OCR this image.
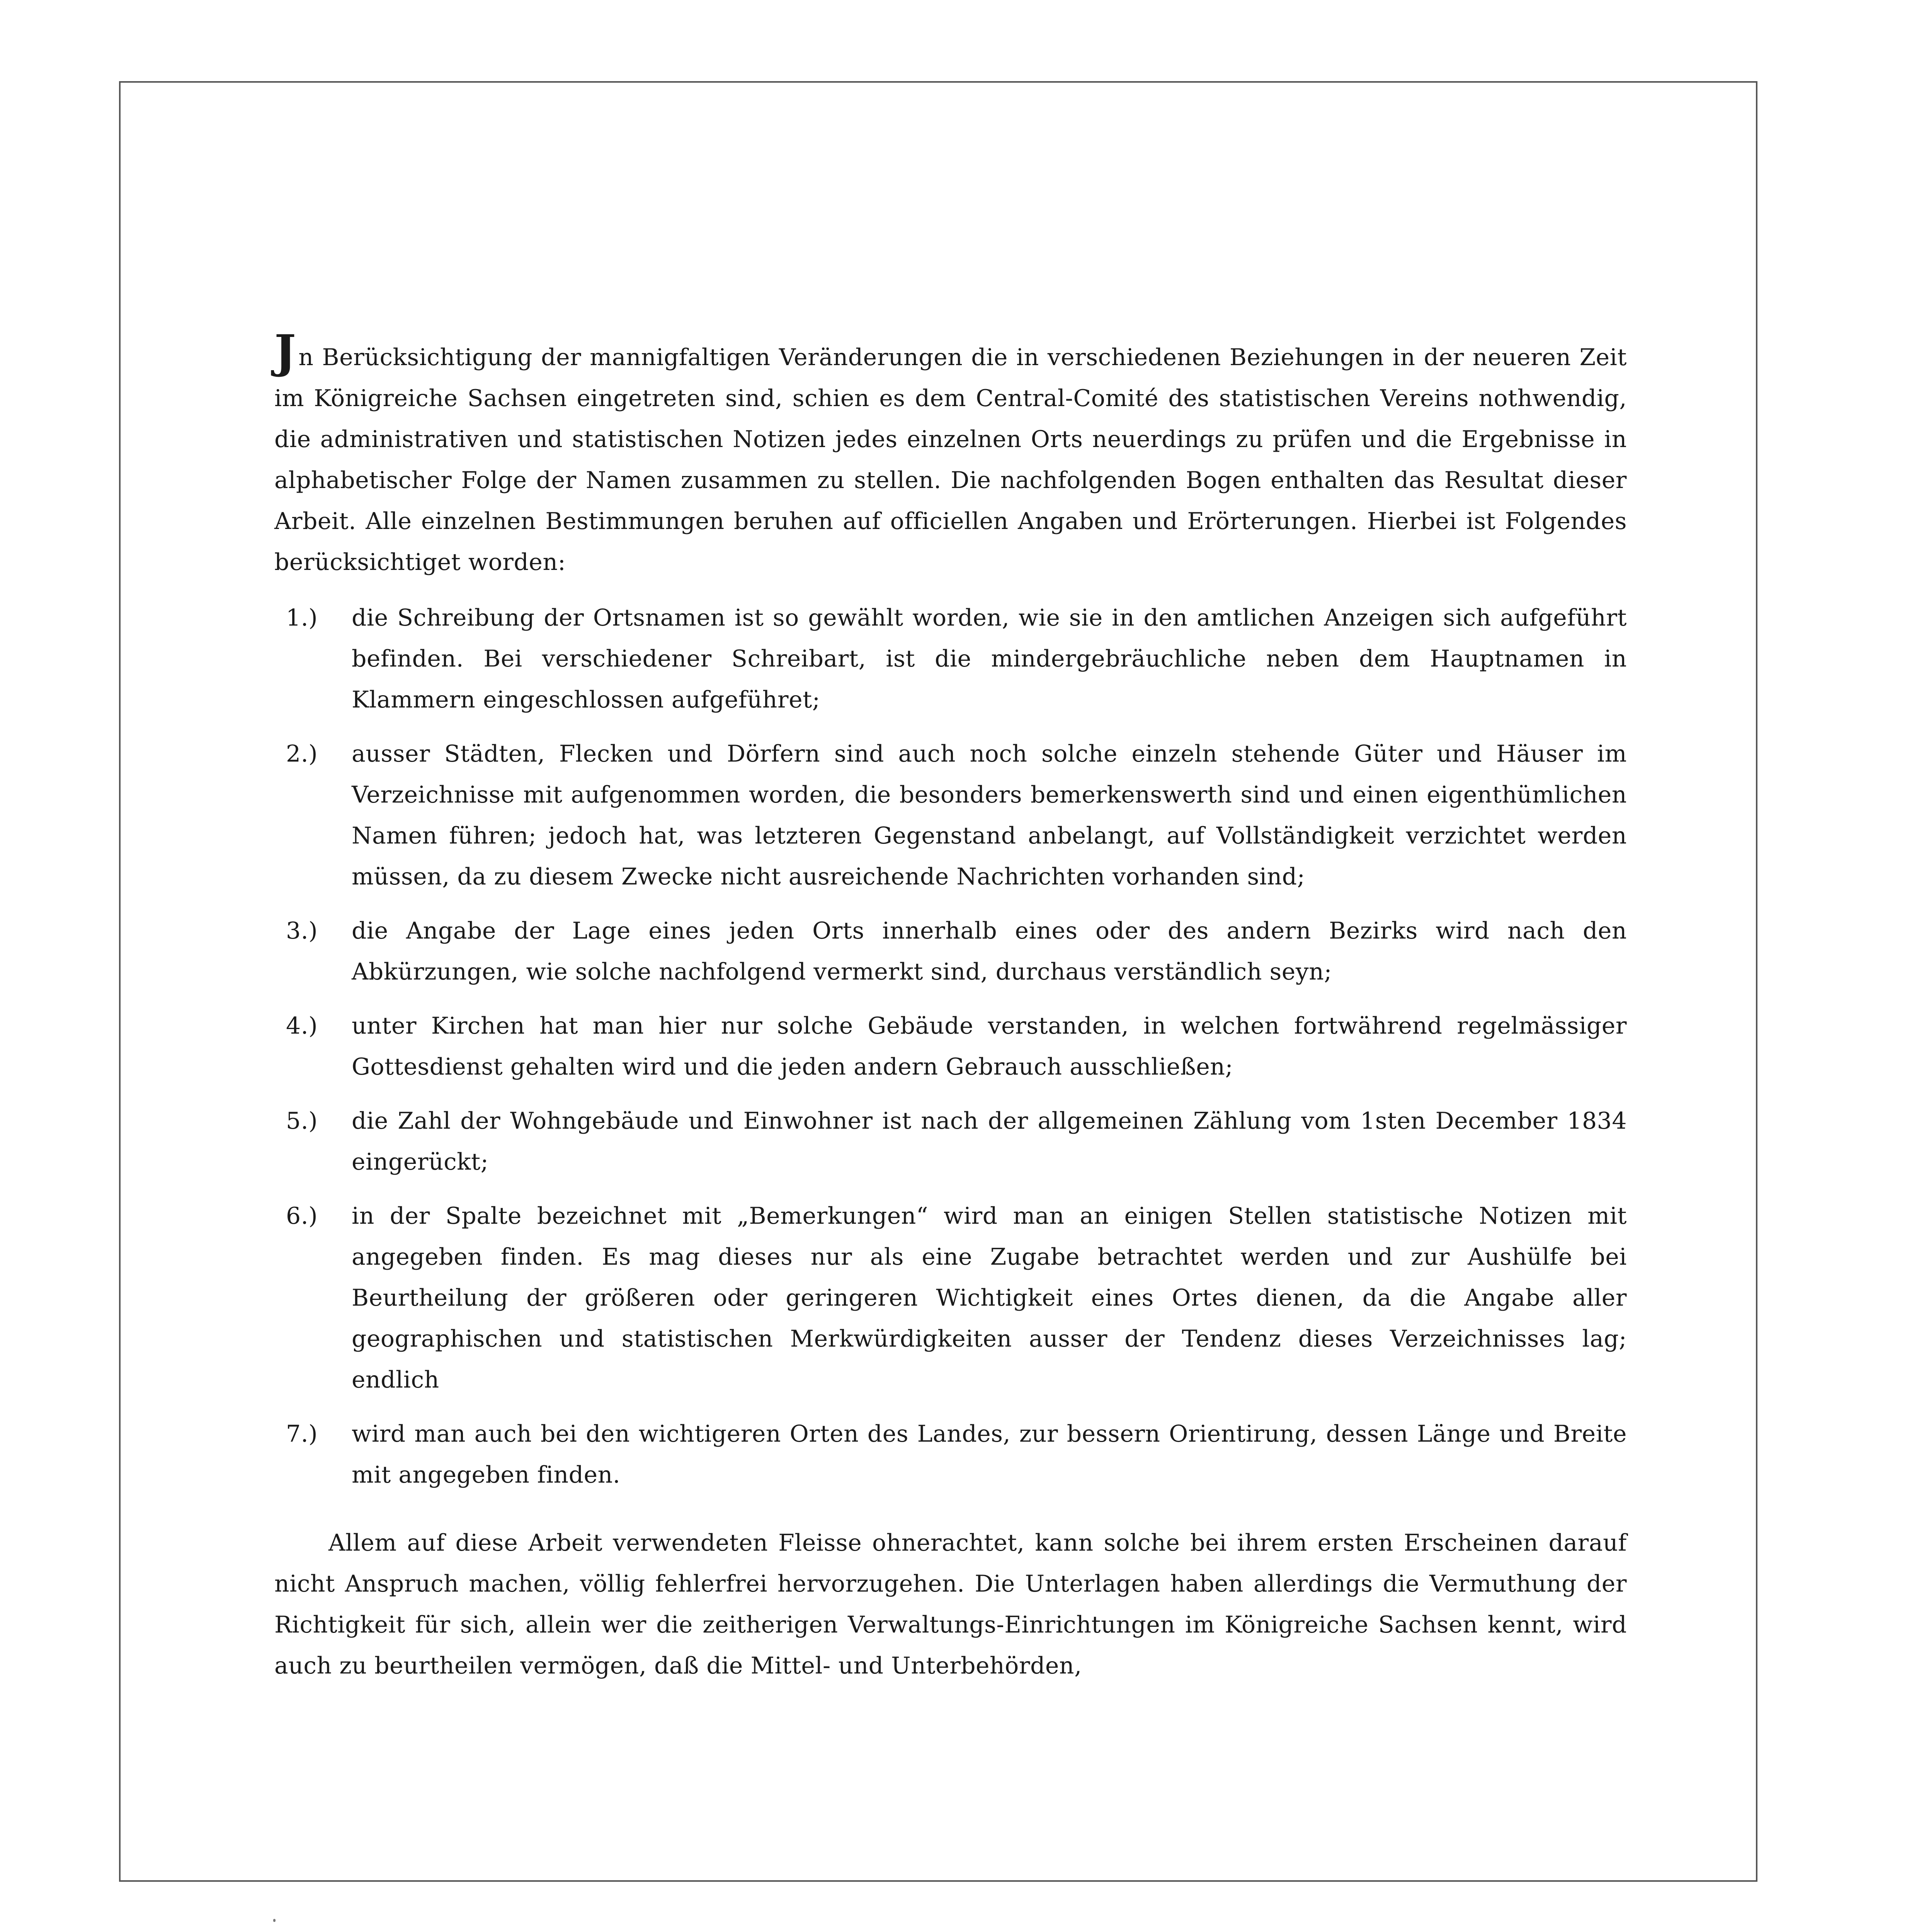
Jn Berücksichtigung der mannigfaltigen Veränderungen die in verschiedenen Beziehungen in der neueren Zeit im Königreiche Sachsen eingetreten sind, schien es dem Central-Comité des statistischen Vereins nothwendig, die administrativen und statistischen Notizen jedes einzelnen Orts neuerdings zu prüfen und die Ergebnisse in alphabetischer Folge der Namen zusammen zu stellen. Die nachfolgenden Bogen enthalten das Resultat dieser Arbeit. Alle einzelnen Bestimmungen beruhen auf officiellen Angaben und Erörterungen. Hierbei ist Folgendes berücksichtiget worden:

1.)	die Schreibung der Ortsnamen ist so gewählt worden, wie sie in den amtlichen Anzeigen sich aufgeführt befinden. Bei verschiedener Schreibart, ist die mindergebräuchliche neben dem Hauptnamen in Klammern eingeschlossen aufgeführet;
2.)	ausser Städten, Flecken und Dörfern sind auch noch solche einzeln stehende Güter und Häuser im Verzeichnisse mit aufgenommen worden, die besonders bemerkenswerth sind und einen eigenthümlichen Namen führen; jedoch hat, was letzteren Gegenstand anbelangt, auf Vollständigkeit verzichtet werden müssen, da zu diesem Zwecke nicht ausreichende Nachrichten vorhanden sind;
3.)	die Angabe der Lage eines jeden Orts innerhalb eines oder des andern Bezirks wird nach den Abkürzungen, wie solche nachfolgend vermerkt sind, durchaus verständlich seyn;
4.)	unter Kirchen hat man hier nur solche Gebäude verstanden, in welchen fortwährend regelmässiger Gottesdienst gehalten wird und die jeden andern Gebrauch ausschließen;
5.)	die Zahl der Wohngebäude und Einwohner ist nach der allgemeinen Zählung vom 1sten December 1834 eingerückt;
6.)	in der Spalte bezeichnet mit „Bemerkungen“ wird man an einigen Stellen statistische Notizen mit angegeben finden. Es mag dieses nur als eine Zugabe betrachtet werden und zur Aushülfe bei Beurtheilung der größeren oder geringeren Wichtigkeit eines Ortes dienen, da die Angabe aller geographischen und statistischen Merkwürdigkeiten ausser der Tendenz dieses Verzeichnisses lag; endlich
7.)	wird man auch bei den wichtigeren Orten des Landes, zur bessern Orientirung, dessen Länge und Breite mit angegeben finden.

Allem auf diese Arbeit verwendeten Fleisse ohnerachtet, kann solche bei ihrem ersten Erscheinen darauf nicht Anspruch machen, völlig fehlerfrei hervorzugehen. Die Unterlagen haben allerdings die Vermuthung der Richtigkeit für sich, allein wer die zeitherigen Verwaltungs-Einrichtungen im Königreiche Sachsen kennt, wird auch zu beurtheilen vermögen, daß die Mittel- und Unterbehörden,
